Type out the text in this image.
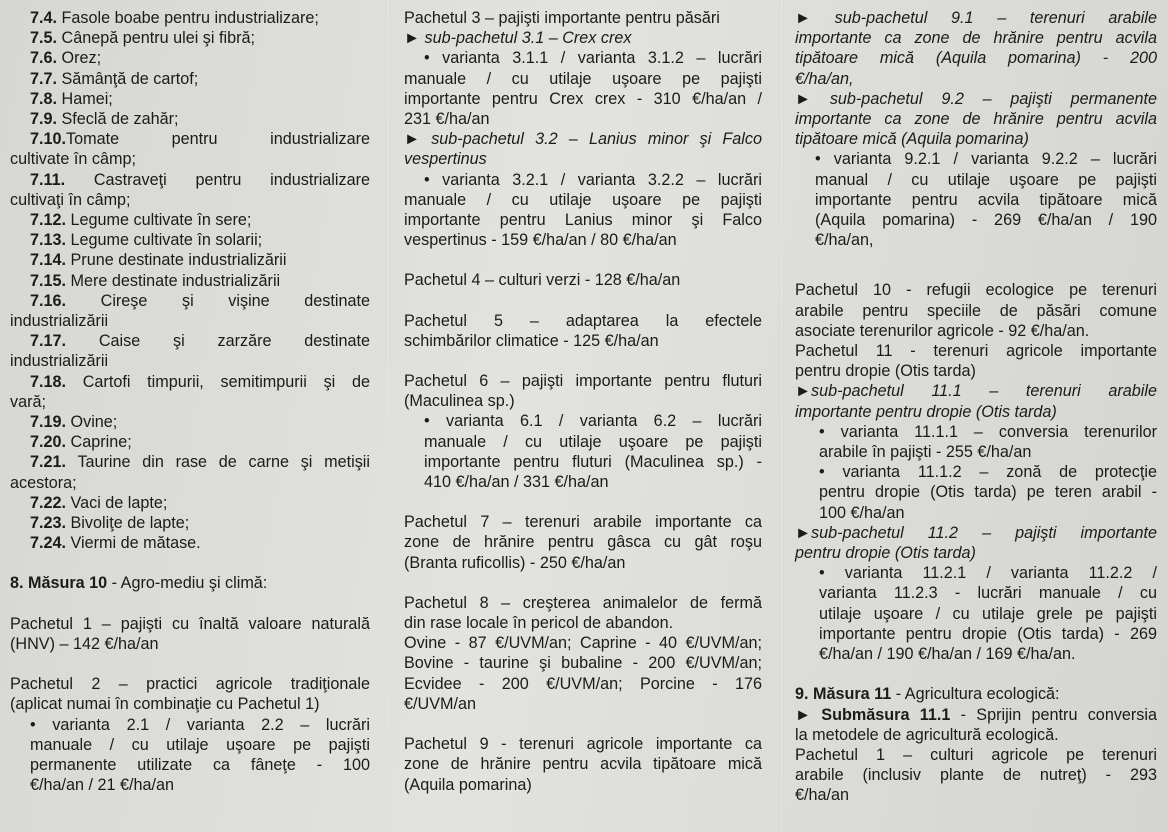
7.4. Fasole boabe pentru industrializare;

7.5. Cânepă pentru ulei şi fibră;

7.6. Orez;

7.7. Sămânţă de cartof;

7.8. Hamei;

7.9. Sfeclă de zahăr;

7.10.Tomate pentru industrializare

cultivate în câmp;

7.11. Castraveţi pentru industrializare

cultivaţi în câmp;

7.12. Legume cultivate în sere;

7.13. Legume cultivate în solarii;

7.14. Prune destinate industrializării

7.15. Mere destinate industrializării

7.16. Cireşe şi vişine destinate

industrializării

7.17. Caise şi zarzăre destinate

industrializării

7.18. Cartofi timpurii, semitimpurii şi de

vară;

7.19. Ovine;

7.20. Caprine;

7.21. Taurine din rase de carne şi metişii

acestora;

7.22. Vaci de lapte;

7.23. Bivoliţe de lapte;

7.24. Viermi de mătase.

8. Măsura 10 - Agro-mediu şi climă:

Pachetul 1 – pajişti cu înaltă valoare naturală

(HNV) – 142 €/ha/an

Pachetul 2 – practici agricole tradiţionale

(aplicat numai în combinaţie cu Pachetul 1)

• varianta 2.1 / varianta 2.2 – lucrări

manuale / cu utilaje uşoare pe pajişti

permanente utilizate ca fâneţe - 100

€/ha/an / 21 €/ha/an

Pachetul 3 – pajişti importante pentru păsări

► sub-pachetul 3.1 – Crex crex

• varianta 3.1.1 / varianta 3.1.2 – lucrări

manuale / cu utilaje uşoare pe pajişti

importante pentru Crex crex - 310 €/ha/an /

231 €/ha/an

► sub-pachetul 3.2 – Lanius minor şi Falco

vespertinus

• varianta 3.2.1 / varianta 3.2.2 – lucrări

manuale / cu utilaje uşoare pe pajişti

importante pentru Lanius minor şi Falco

vespertinus - 159 €/ha/an / 80 €/ha/an

Pachetul 4 – culturi verzi - 128 €/ha/an

Pachetul 5 – adaptarea la efectele

schimbărilor climatice - 125 €/ha/an

Pachetul 6 – pajişti importante pentru fluturi

(Maculinea sp.)

• varianta 6.1 / varianta 6.2 – lucrări

manuale / cu utilaje uşoare pe pajişti

importante pentru fluturi (Maculinea sp.) -

410 €/ha/an / 331 €/ha/an

Pachetul 7 – terenuri arabile importante ca

zone de hrănire pentru gâsca cu gât roşu

(Branta ruficollis) - 250 €/ha/an

Pachetul 8 – creşterea animalelor de fermă

din rase locale în pericol de abandon.

Ovine - 87 €/UVM/an; Caprine - 40 €/UVM/an;

Bovine - taurine şi bubaline - 200 €/UVM/an;

Ecvidee - 200 €/UVM/an; Porcine - 176

€/UVM/an

Pachetul 9 - terenuri agricole importante ca

zone de hrănire pentru acvila tipătoare mică

(Aquila pomarina)

► sub-pachetul 9.1 – terenuri arabile

importante ca zone de hrănire pentru acvila

tipătoare mică (Aquila pomarina) - 200

€/ha/an,

► sub-pachetul 9.2 – pajişti permanente

importante ca zone de hrănire pentru acvila

tipătoare mică (Aquila pomarina)

• varianta 9.2.1 / varianta 9.2.2 – lucrări

manual / cu utilaje uşoare pe pajişti

importante pentru acvila tipătoare mică

(Aquila pomarina) - 269 €/ha/an / 190

€/ha/an,

Pachetul 10 - refugii ecologice pe terenuri

arabile pentru speciile de păsări comune

asociate terenurilor agricole - 92 €/ha/an.

Pachetul 11 - terenuri agricole importante

pentru dropie (Otis tarda)

►sub-pachetul 11.1 – terenuri arabile

importante pentru dropie (Otis tarda)

• varianta 11.1.1 – conversia terenurilor

arabile în pajişti - 255 €/ha/an

• varianta 11.1.2 – zonă de protecţie

pentru dropie (Otis tarda) pe teren arabil -

100 €/ha/an

►sub-pachetul 11.2 – pajişti importante

pentru dropie (Otis tarda)

• varianta 11.2.1 / varianta 11.2.2 /

varianta 11.2.3 - lucrări manuale / cu

utilaje uşoare / cu utilaje grele pe pajişti

importante pentru dropie (Otis tarda) - 269

€/ha/an / 190 €/ha/an / 169 €/ha/an.

9. Măsura 11 - Agricultura ecologică:

► Submăsura 11.1 - Sprijin pentru conversia

la metodele de agricultură ecologică.

Pachetul 1 – culturi agricole pe terenuri

arabile (inclusiv plante de nutreţ) - 293

€/ha/an
